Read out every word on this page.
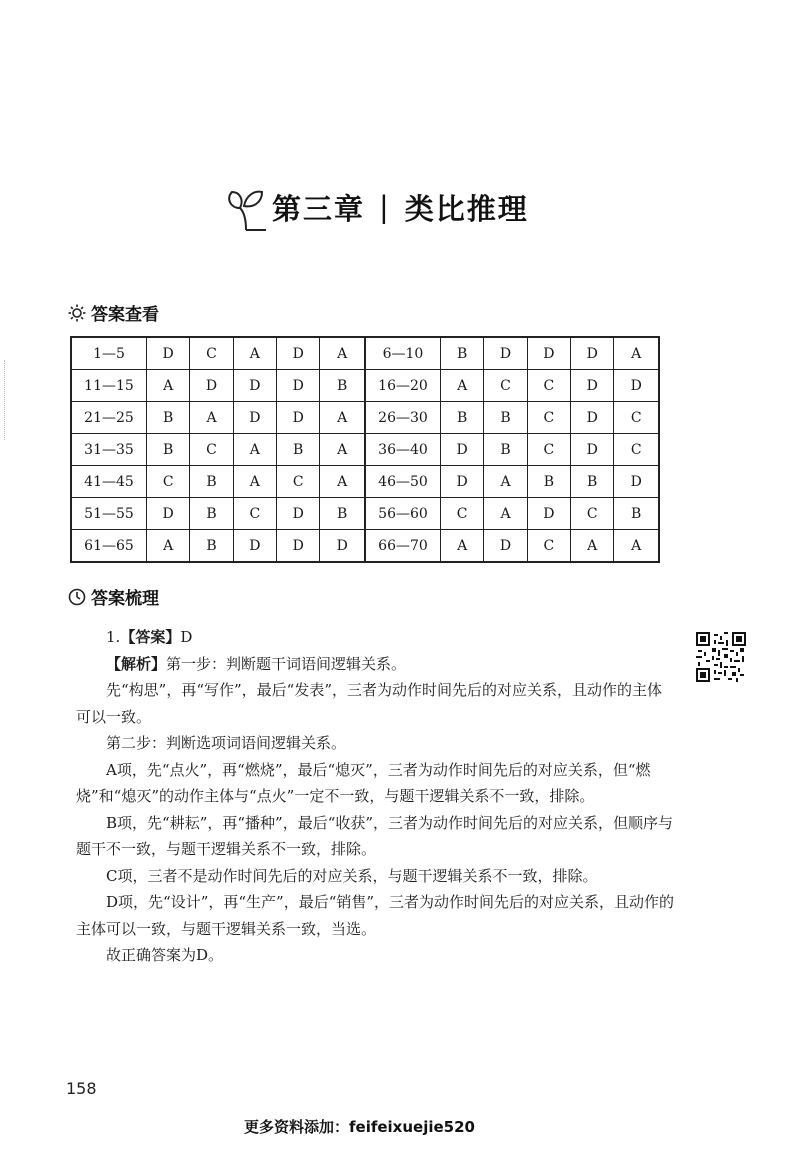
第三章 | 类比推理
答案查看
1—5	D	C	A	D	A	6—10	B	D	D	D	A
11—15	A	D	D	D	B	16—20	A	C	C	D	D
21—25	B	A	D	D	A	26—30	B	B	C	D	C
31—35	B	C	A	B	A	36—40	D	B	C	D	C
41—45	C	B	A	C	A	46—50	D	A	B	B	D
51—55	D	B	C	D	B	56—60	C	A	D	C	B
61—65	A	B	D	D	D	66—70	A	D	C	A	A
答案梳理

1.【答案】D

【解析】第一步：判断题干词语间逻辑关系。

先“构思”，再“写作”，最后“发表”，三者为动作时间先后的对应关系，且动作的主体可以一致。

第二步：判断选项词语间逻辑关系。

A项，先“点火”，再“燃烧”，最后“熄灭”，三者为动作时间先后的对应关系，但“燃烧”和“熄灭”的动作主体与“点火”一定不一致，与题干逻辑关系不一致，排除。

B项，先“耕耘”，再“播种”，最后“收获”，三者为动作时间先后的对应关系，但顺序与题干不一致，与题干逻辑关系不一致，排除。

C项，三者不是动作时间先后的对应关系，与题干逻辑关系不一致，排除。

D项，先“设计”，再“生产”，最后“销售”，三者为动作时间先后的对应关系，且动作的主体可以一致，与题干逻辑关系一致，当选。

故正确答案为D。

158
更多资料添加：feifeixuejie520
